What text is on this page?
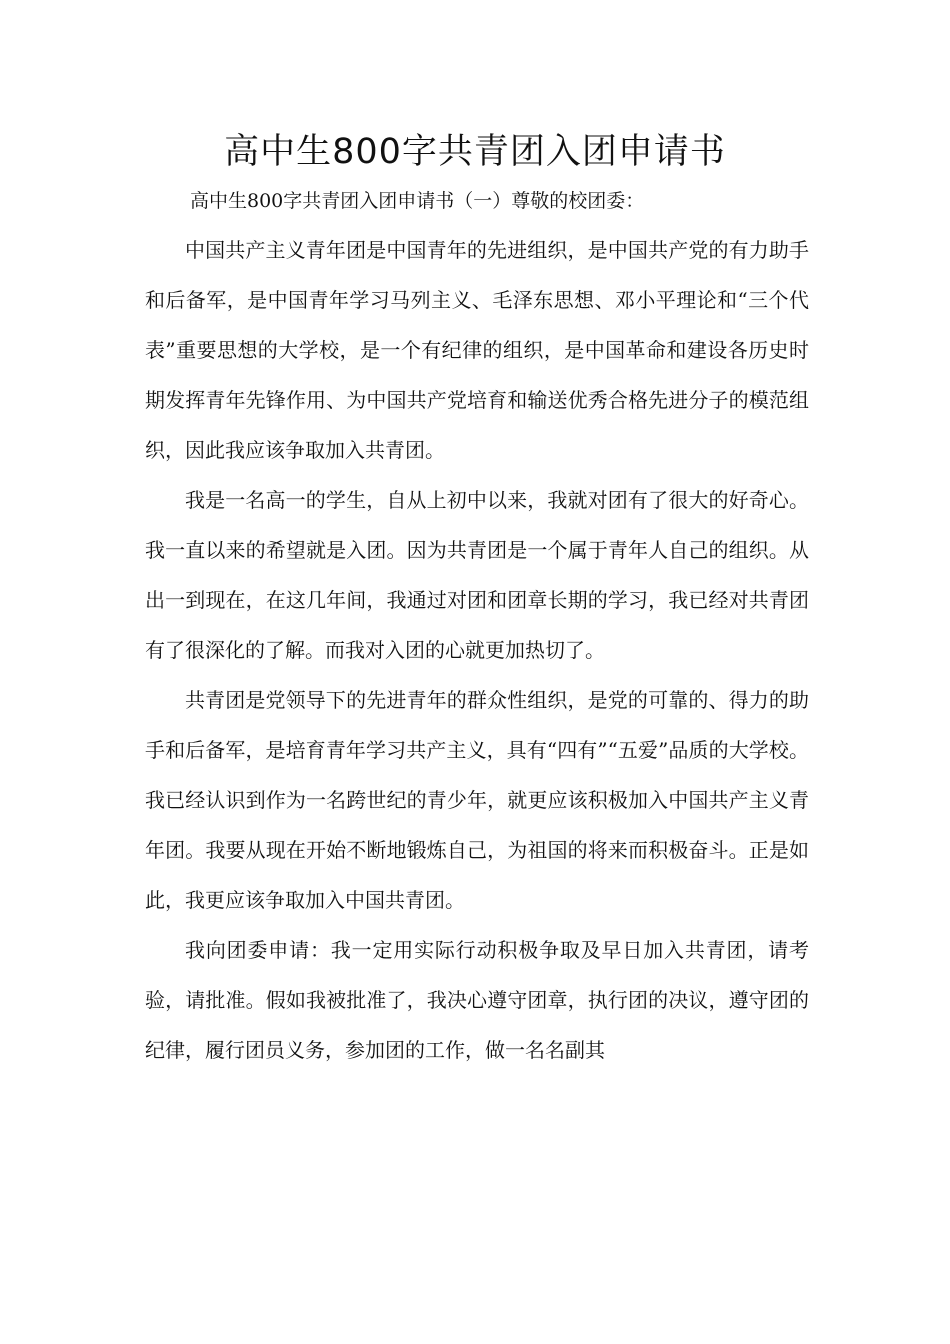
高中生800字共青团入团申请书

高中生800字共青团入团申请书（一）尊敬的校团委：

中国共产主义青年团是中国青年的先进组织，是中国共产党的有力助手和后备军，是中国青年学习马列主义、毛泽东思想、邓小平理论和“三个代表”重要思想的大学校，是一个有纪律的组织，是中国革命和建设各历史时期发挥青年先锋作用、为中国共产党培育和输送优秀合格先进分子的模范组织，因此我应该争取加入共青团。

我是一名高一的学生，自从上初中以来，我就对团有了很大的好奇心。我一直以来的希望就是入团。因为共青团是一个属于青年人自己的组织。从出一到现在，在这几年间，我通过对团和团章长期的学习，我已经对共青团有了很深化的了解。而我对入团的心就更加热切了。

共青团是党领导下的先进青年的群众性组织，是党的可靠的、得力的助手和后备军，是培育青年学习共产主义，具有“四有”“五爱”品质的大学校。我已经认识到作为一名跨世纪的青少年，就更应该积极加入中国共产主义青年团。我要从现在开始不断地锻炼自己，为祖国的将来而积极奋斗。正是如此，我更应该争取加入中国共青团。

我向团委申请：我一定用实际行动积极争取及早日加入共青团，请考验，请批准。假如我被批准了，我决心遵守团章，执行团的决议，遵守团的纪律，履行团员义务，参加团的工作，做一名名副其
